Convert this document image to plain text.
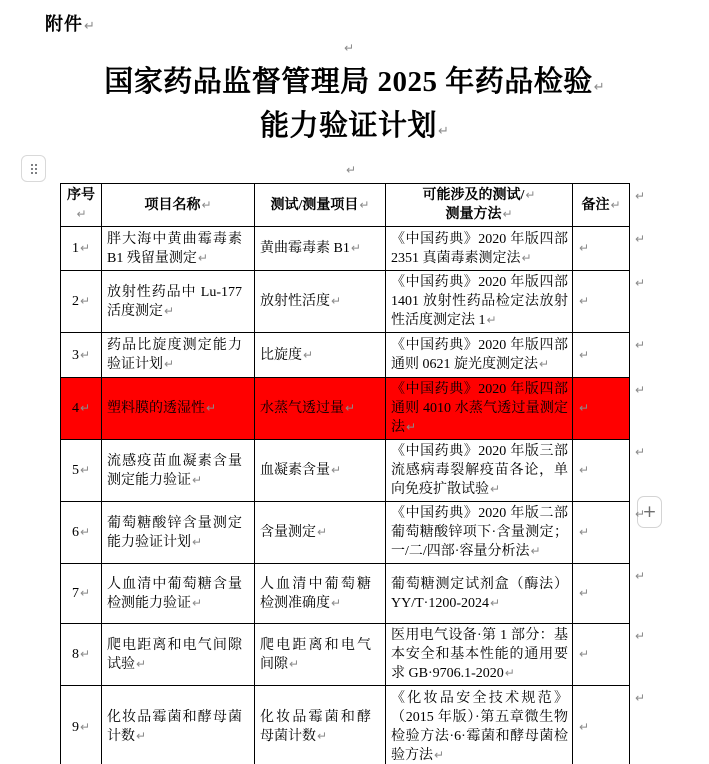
附件↵
↵
国家药品监督管理局 2025 年药品检验↵
能力验证计划↵
↵
+
序号↵	项目名称↵	测试/测量项目↵	可能涉及的测试/↵
测量方法↵	备注↵	↵
1↵	胖大海中黄曲霉毒素B1 残留量测定↵	黄曲霉毒素 B1↵	《中国药典》2020 年版四部 2351 真菌毒素测定法↵	↵	↵
2↵	放射性药品中 Lu-177 活度测定↵	放射性活度↵	《中国药典》2020 年版四部 1401 放射性药品检定法放射性活度测定法 1↵	↵	↵
3↵	药品比旋度测定能力验证计划↵	比旋度↵	《中国药典》2020 年版四部通则 0621 旋光度测定法↵	↵	↵
4↵	塑料膜的透湿性↵	水蒸气透过量↵	《中国药典》2020 年版四部通则 4010 水蒸气透过量测定法↵	↵	↵
5↵	流感疫苗血凝素含量测定能力验证↵	血凝素含量↵	《中国药典》2020 年版三部流感病毒裂解疫苗各论，单向免疫扩散试验↵	↵	↵
6↵	葡萄糖酸锌含量测定能力验证计划↵	含量测定↵	《中国药典》2020 年版二部葡萄糖酸锌项下·含量测定；一/二/四部·容量分析法↵	↵	↵
7↵	人血清中葡萄糖含量检测能力验证↵	人血清中葡萄糖检测准确度↵	葡萄糖测定试剂盒（酶法）YY/T·1200-2024↵	↵	↵
8↵	爬电距离和电气间隙试验↵	爬电距离和电气间隙↵	医用电气设备·第 1 部分：基本安全和基本性能的通用要求 GB·9706.1-2020↵	↵	↵
9↵	化妆品霉菌和酵母菌计数↵	化妆品霉菌和酵母菌计数↵	《化妆品安全技术规范》（2015 年版）·第五章微生物检验方法·6·霉菌和酵母菌检验方法↵	↵	↵
